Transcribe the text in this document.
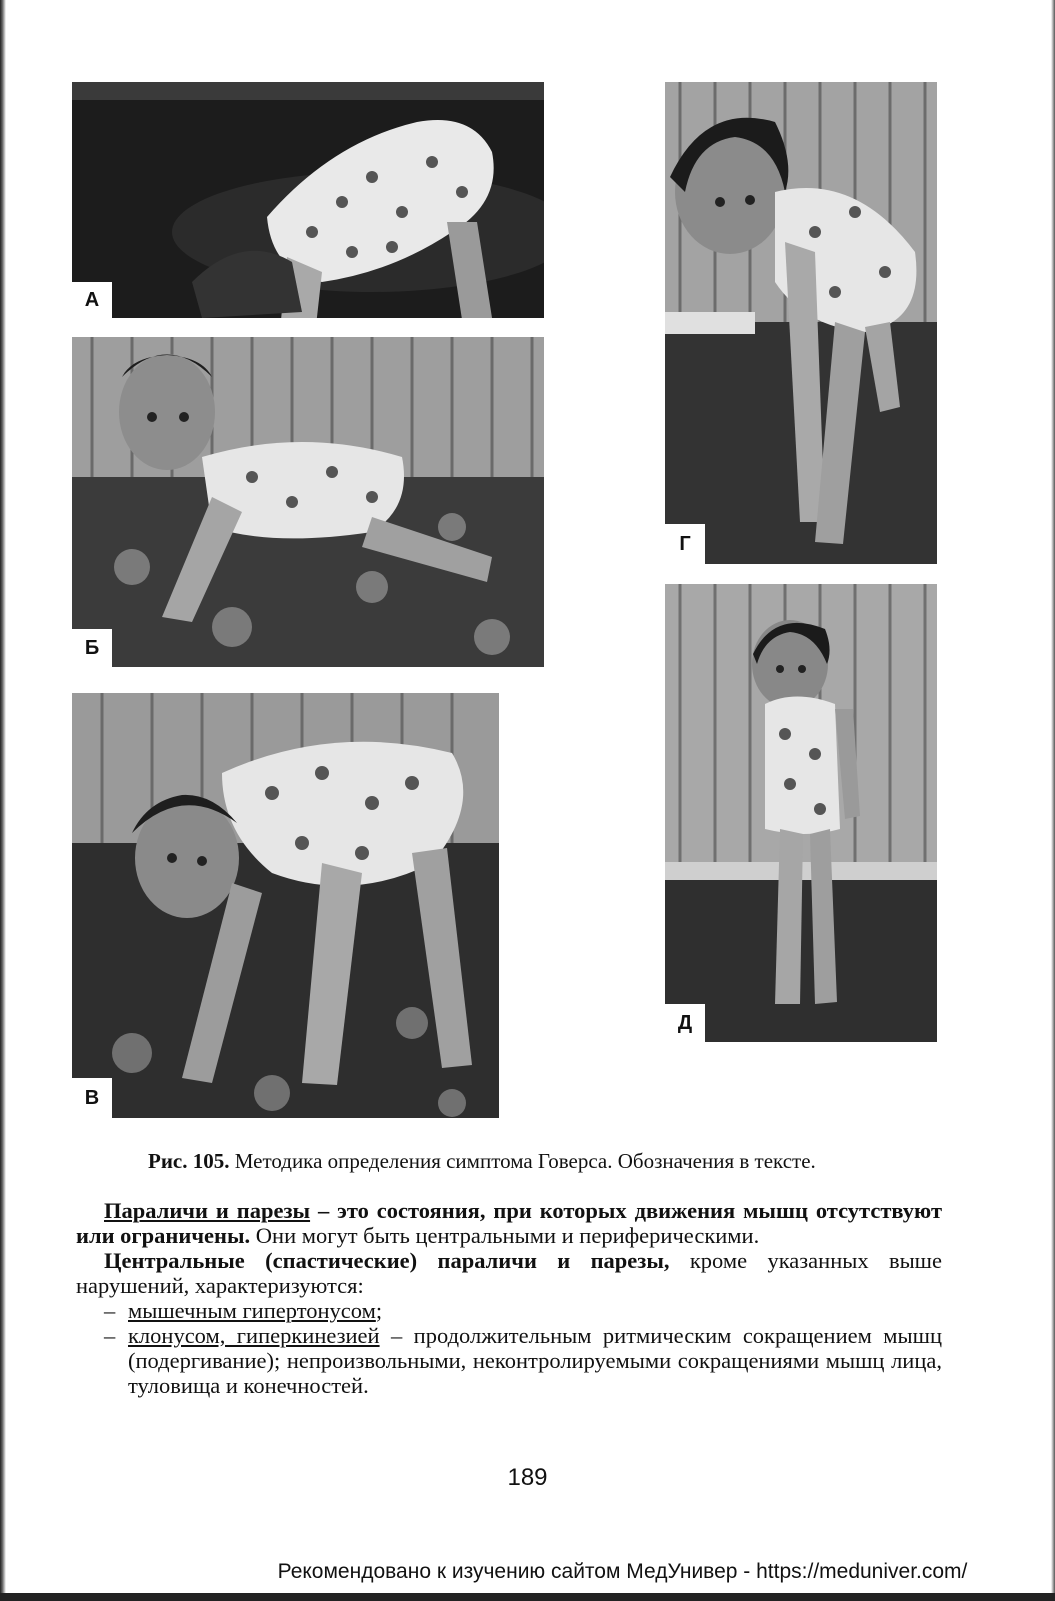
А
Б
В
Г
Д
Рис. 105. Методика определения симптома Говерса. Обозначения в тексте.

Параличи и парезы – это состояния, при которых движения мышц отсутствуют или ограничены. Они могут быть центральными и периферическими.

Центральные (спастические) параличи и парезы, кроме указанных выше нарушений, характеризуются:

– мышечным гипертонусом;
– клонусом, гиперкинезией – продолжительным ритмическим сокращением мышц (подергивание); непроизвольными, неконтролируемыми сокращениями мышц лица, туловища и конечностей.
189
Рекомендовано к изучению сайтом МедУнивер - https://meduniver.com/
